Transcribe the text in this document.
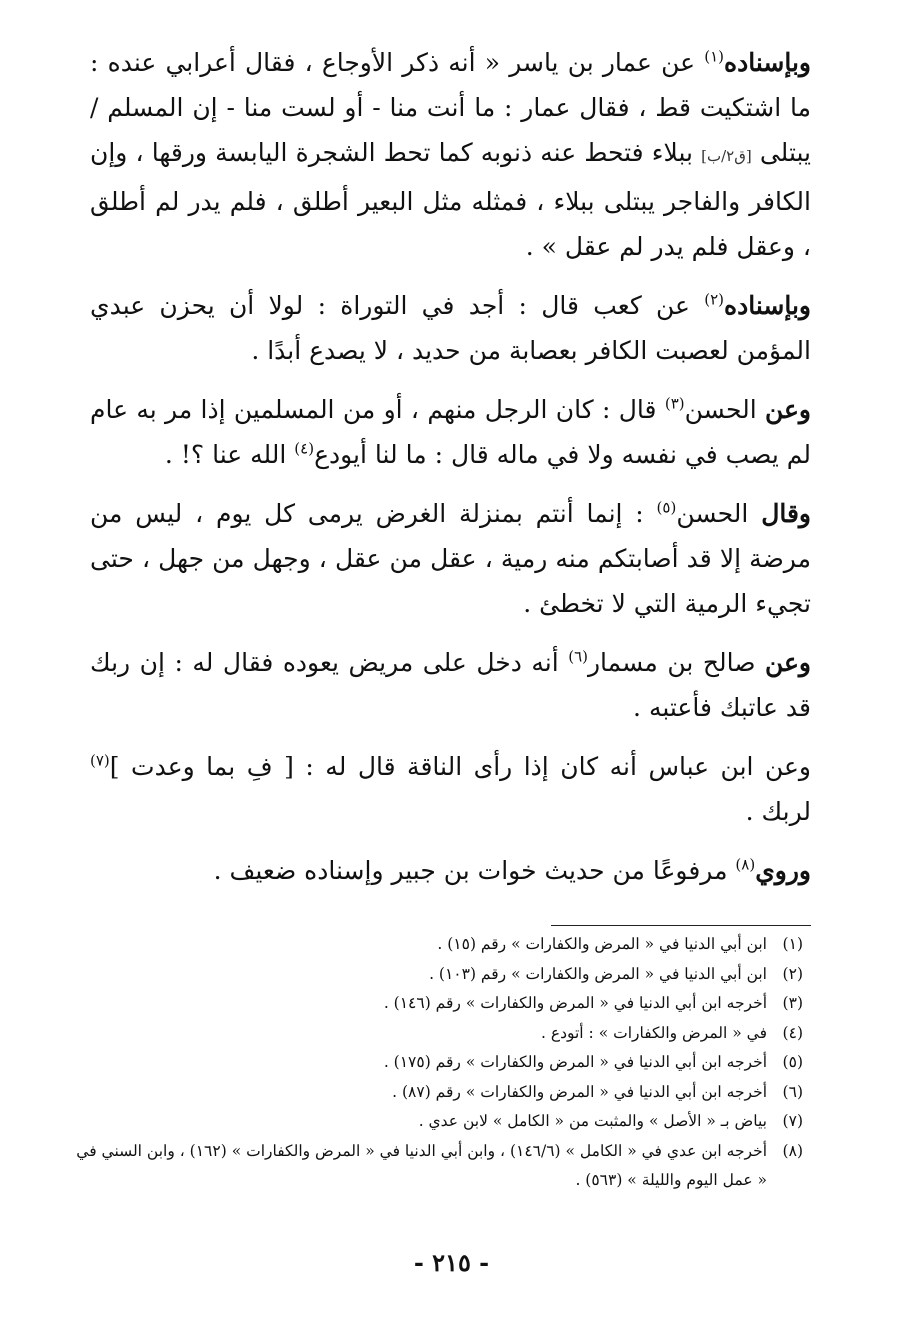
وبإسناده$^{(١)}$ عن عمار بن ياسر « أنه ذكر الأوجاع ، فقال أعرابي عنده : ما اشتكيت قط ، فقال عمار : ما أنت منا - أو لست منا - إن المسلم / يبتلى [ق٢/ب] ببلاء فتحط عنه ذنوبه كما تحط الشجرة اليابسة ورقها ، وإن الكافر والفاجر يبتلى ببلاء ، فمثله مثل البعير أطلق ، فلم يدر لم أطلق ، وعقل فلم يدر لم عقل » .

وبإسناده$^{(٢)}$ عن كعب قال : أجد في التوراة : لولا أن يحزن عبدي المؤمن لعصبت الكافر بعصابة من حديد ، لا يصدع أبدًا .

وعن الحسن$^{(٣)}$ قال : كان الرجل منهم ، أو من المسلمين إذا مر به عام لم يصب في نفسه ولا في ماله قال : ما لنا أيودع$^{(٤)}$ الله عنا ؟! .

وقال الحسن$^{(٥)}$ : إنما أنتم بمنزلة الغرض يرمى كل يوم ، ليس من مرضة إلا قد أصابتكم منه رمية ، عقل من عقل ، وجهل من جهل ، حتى تجيء الرمية التي لا تخطئ .

وعن صالح بن مسمار$^{(٦)}$ أنه دخل على مريض يعوده فقال له : إن ربك قد عاتبك فأعتبه .

وعن ابن عباس أنه كان إذا رأى الناقة قال له : [ فِ بما وعدت ]$^{(٧)}$ لربك .

وروي$^{(٨)}$ مرفوعًا من حديث خوات بن جبير وإسناده ضعيف .

(١)
ابن أبي الدنيا في « المرض والكفارات » رقم (١٥) .
(٢)
ابن أبي الدنيا في « المرض والكفارات » رقم (١٠٣) .
(٣)
أخرجه ابن أبي الدنيا في « المرض والكفارات » رقم (١٤٦) .
(٤)
في « المرض والكفارات » : أتودع .
(٥)
أخرجه ابن أبي الدنيا في « المرض والكفارات » رقم (١٧٥) .
(٦)
أخرجه ابن أبي الدنيا في « المرض والكفارات » رقم (٨٧) .
(٧)
بياض بـ « الأصل » والمثبت من « الكامل » لابن عدي .
(٨)
أخرجه ابن عدي في « الكامل » (١٤٦/٦) ، وابن أبي الدنيا في « المرض والكفارات » (١٦٢) ، وابن السني في « عمل اليوم والليلة » (٥٦٣) .
- ٢١٥ -
